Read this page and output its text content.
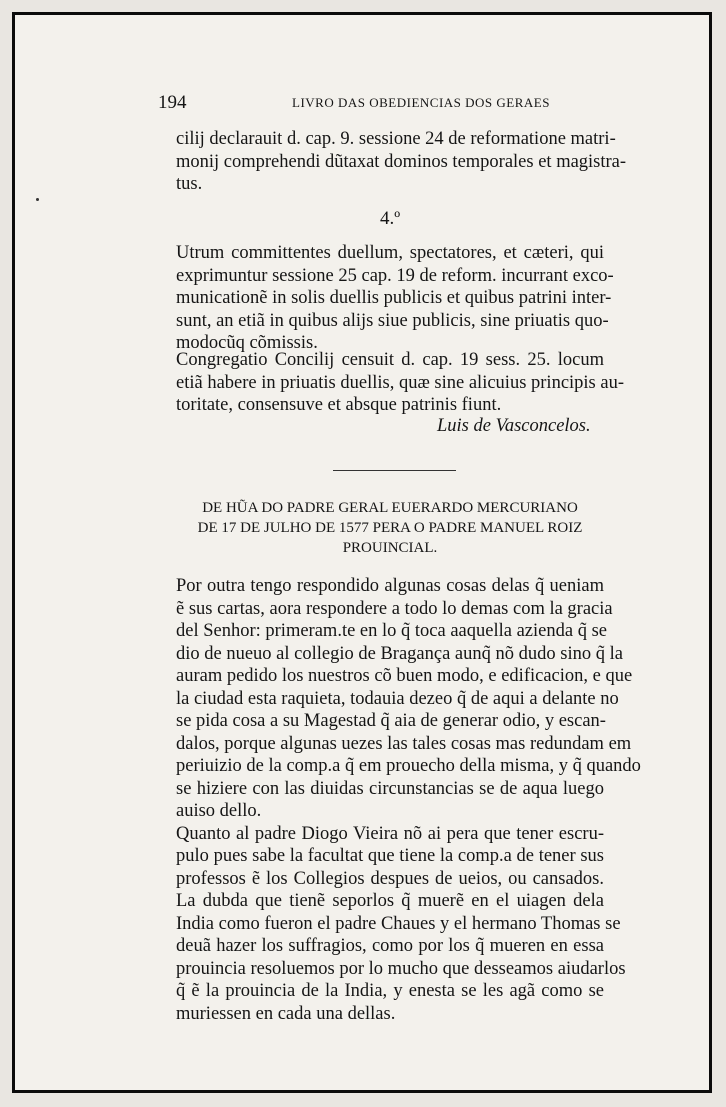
194	LIVRO DAS OBEDIENCIAS DOS GERAES
cilij declarauit d. cap. 9. sessione 24 de reformatione matri-
monij comprehendi dũtaxat dominos temporales et magistra-
tus.
4.º
Utrum committentes duellum, spectatores, et cæteri, qui
exprimuntur sessione 25 cap. 19 de reform. incurrant exco-
municationẽ in solis duellis publicis et quibus patrini inter-
sunt, an etiã in quibus alijs siue publicis, sine priuatis quo-
modocũq cõmissis.
Congregatio Concilij censuit d. cap. 19 sess. 25. locum
etiã habere in priuatis duellis, quæ sine alicuius principis au-
toritate, consensuve et absque patrinis fiunt.
Luis de Vasconcelos.
DE HŨA DO PADRE GERAL EUERARDO MERCURIANO
DE 17 DE JULHO DE 1577 PERA O PADRE MANUEL ROIZ
PROUINCIAL.
Por outra tengo respondido algunas cosas delas q̃ ueniam
ẽ sus cartas, aora respondere a todo lo demas com la gracia
del Senhor: primeram.te en lo q̃ toca aaquella azienda q̃ se
dio de nueuo al collegio de Bragança aunq̃ nõ dudo sino q̃ la
auram pedido los nuestros cõ buen modo, e edificacion, e que
la ciudad esta raquieta, todauia dezeo q̃ de aqui a delante no
se pida cosa a su Magestad q̃ aia de generar odio, y escan-
dalos, porque algunas uezes las tales cosas mas redundam em
periuizio de la comp.a q̃ em prouecho della misma, y q̃ quando
se hiziere con las diuidas circunstancias se de aqua luego
auiso dello.
Quanto al padre Diogo Vieira nõ ai pera que tener escru-
pulo pues sabe la facultat que tiene la comp.a de tener sus
professos ẽ los Collegios despues de ueios, ou cansados.
La dubda que tienẽ seporlos q̃ muerẽ en el uiagen dela
India como fueron el padre Chaues y el hermano Thomas se
deuã hazer los suffragios, como por los q̃ mueren en essa
prouincia resoluemos por lo mucho que desseamos aiudarlos
q̃ ẽ la prouincia de la India, y enesta se les agã como se
muriessen en cada una dellas.
